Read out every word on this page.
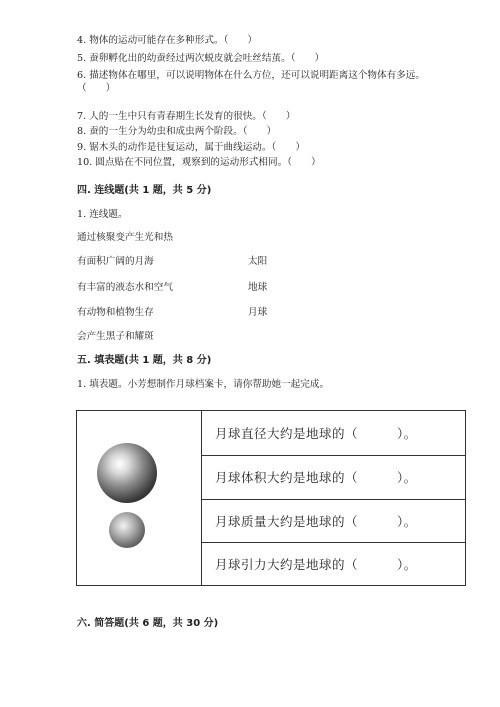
4. 物体的运动可能存在多种形式。（　　）
5. 蚕卵孵化出的幼蚕经过两次蜕皮就会吐丝结茧。（　　）
6. 描述物体在哪里，可以说明物体在什么方位，还可以说明距离这个物体有多远。（　　）
7. 人的一生中只有青春期生长发育的很快。（　　）
8. 蚕的一生分为幼虫和成虫两个阶段。（　　）
9. 锯木头的动作是往复运动，属于曲线运动。（　　）
10. 圆点贴在不同位置，观察到的运动形式相同。（　　）
四. 连线题(共 1 题，共 5 分)
1. 连线题。
通过核聚变产生光和热
有面积广阔的月海
有丰富的液态水和空气
有动物和植物生存
会产生黑子和耀斑
太阳
地球
月球
五. 填表题(共 1 题，共 8 分)
1. 填表题。小芳想制作月球档案卡，请你帮助她一起完成。
月球直径大约是地球的（　　　）。
月球体积大约是地球的（　　　）。
月球质量大约是地球的（　　　）。
月球引力大约是地球的（　　　）。
六. 简答题(共 6 题，共 30 分)
